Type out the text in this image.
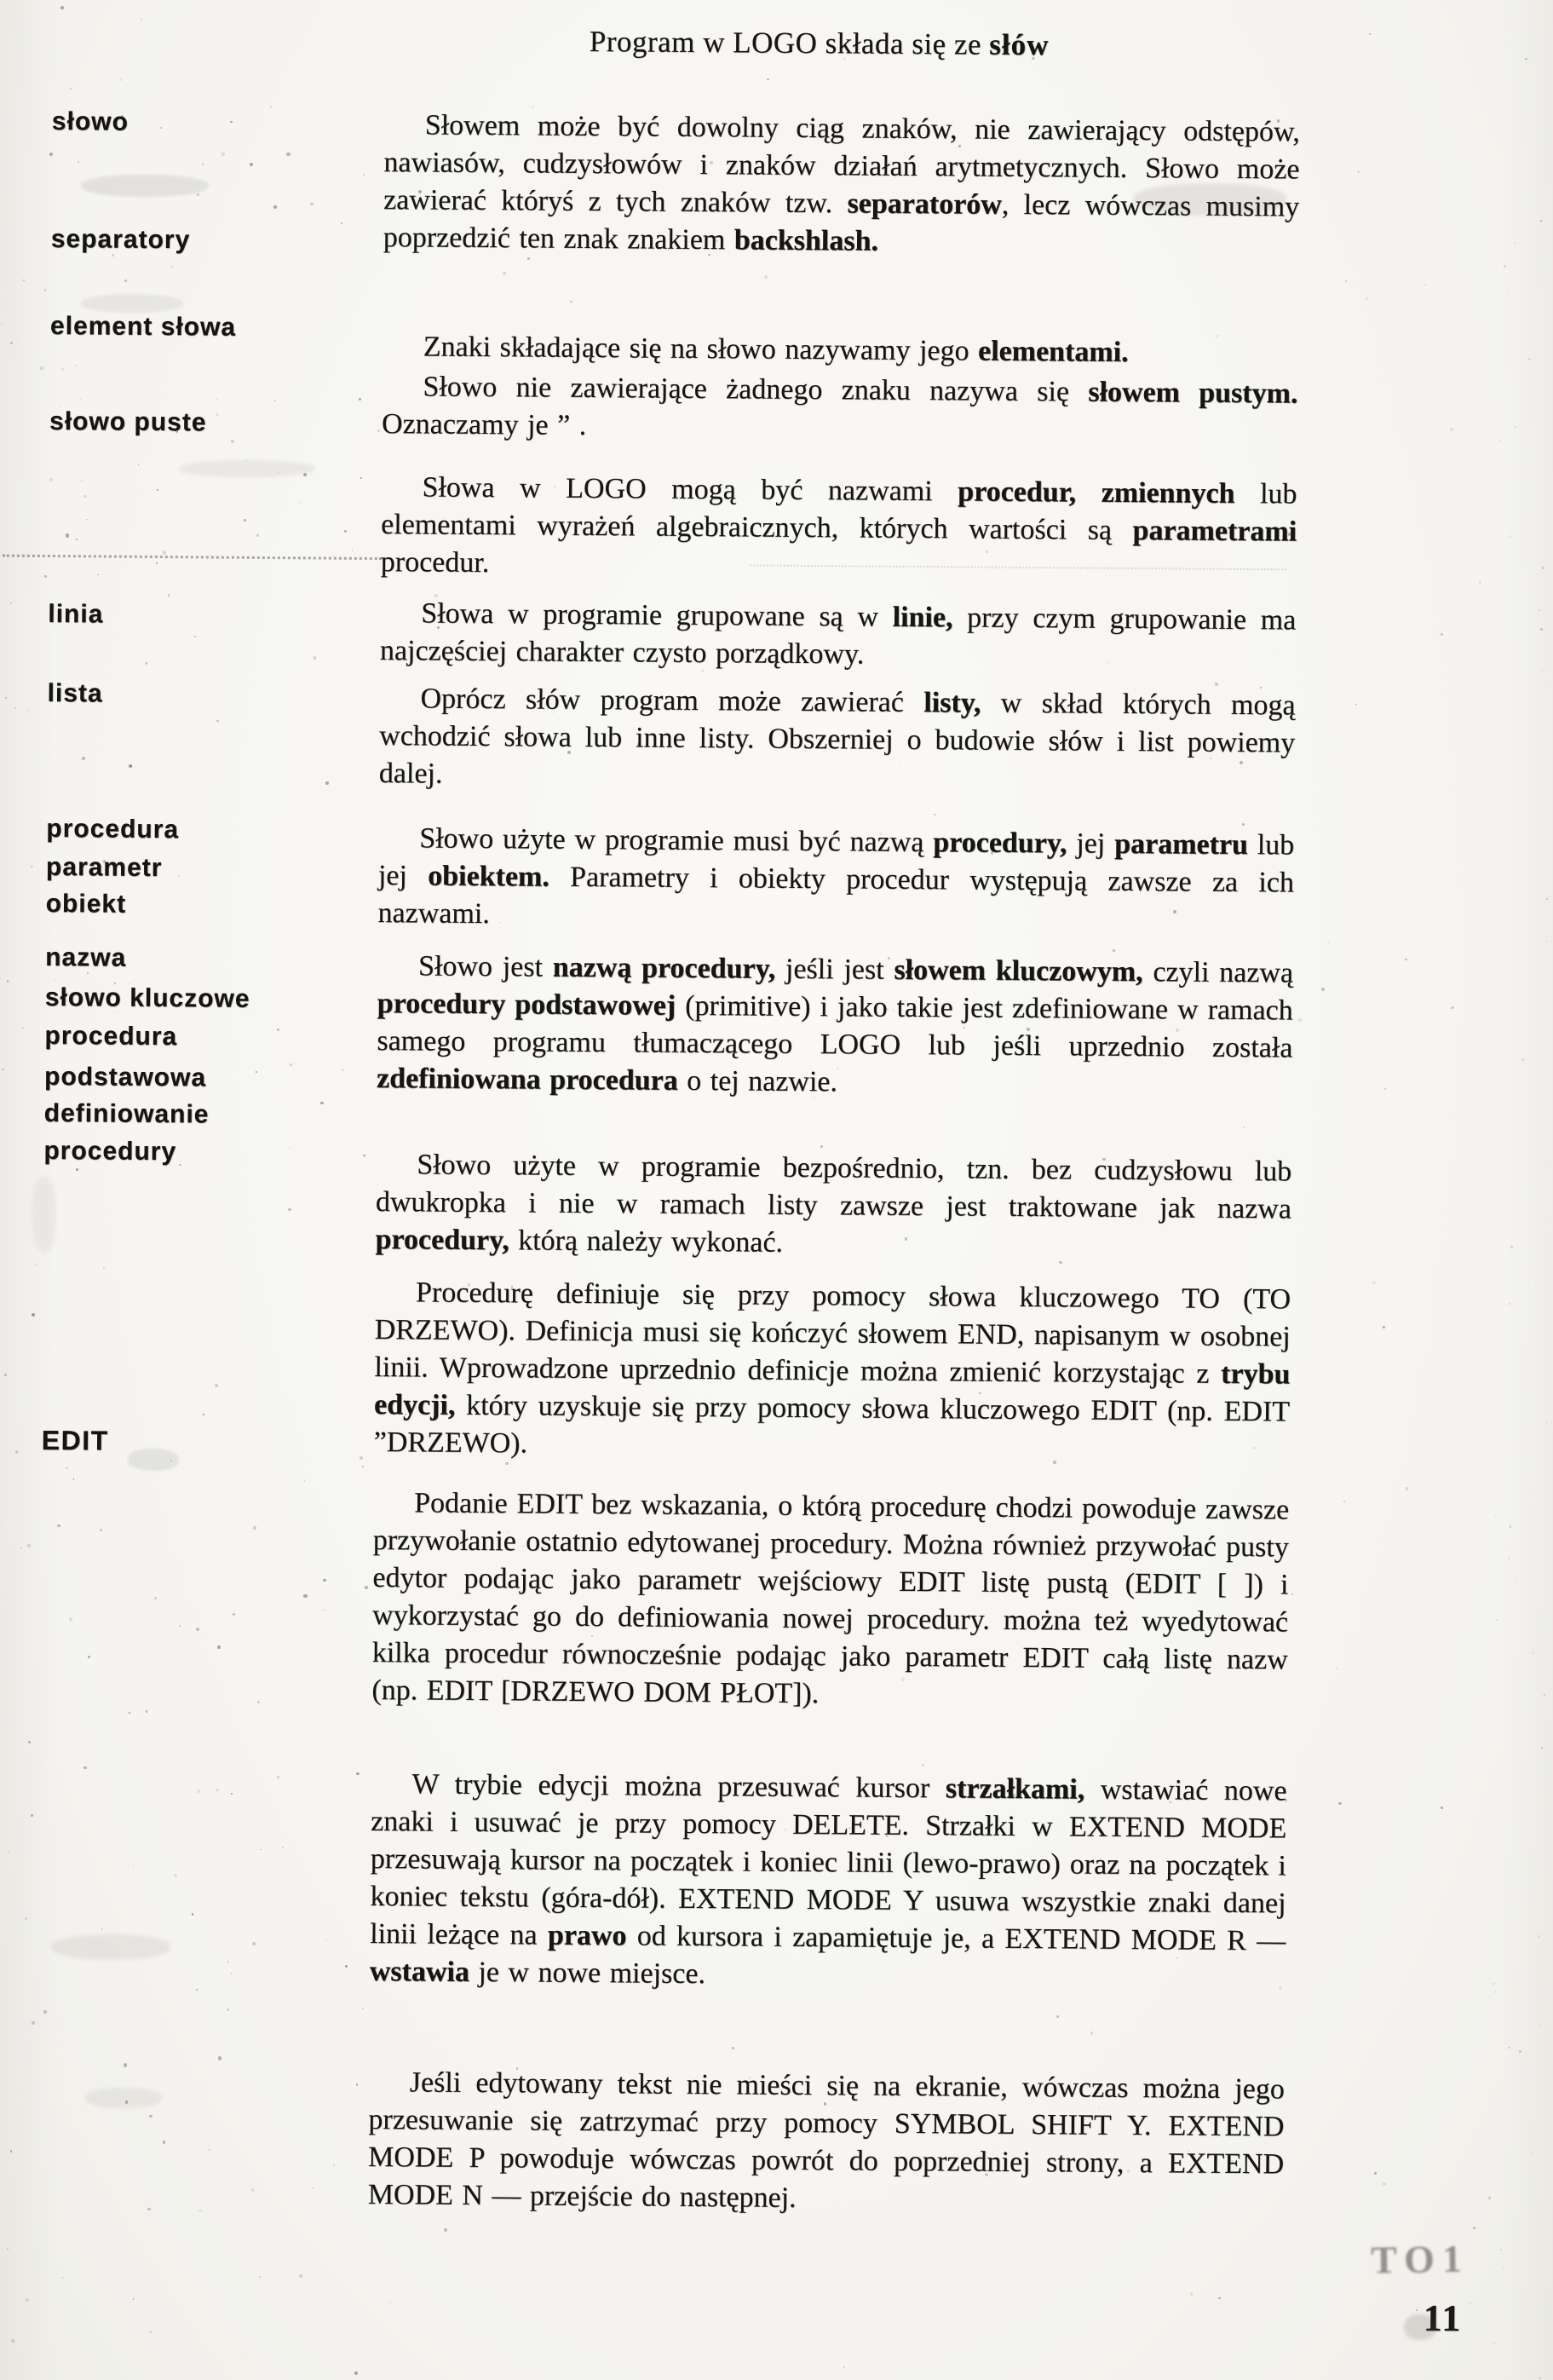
Program w LOGO składa się ze słów
słowo
separatory
element słowa
słowo puste
linia
lista
procedura
parametr
obiekt
nazwa
słowo kluczowe
procedura
podstawowa
definiowanie
procedury
EDIT
Słowem może być dowolny ciąg znaków, nie zawierający odstępów, nawiasów, cudzysłowów i znaków działań arytmetycznych. Słowo może zawierać któryś z tych znaków tzw. separatorów, lecz wówczas musimy poprzedzić ten znak znakiem backshlash.
Znaki składające się na słowo nazywamy jego elementami.
Słowo nie zawierające żadnego znaku nazywa się słowem pustym. Oznaczamy je ” .
Słowa w LOGO mogą być nazwami procedur, zmiennych lub elementami wyrażeń algebraicznych, których wartości są parametrami procedur.
Słowa w programie grupowane są w linie, przy czym grupowanie ma najczęściej charakter czysto porządkowy.
Oprócz słów program może zawierać listy, w skład których mogą wchodzić słowa lub inne listy. Obszerniej o budowie słów i list powiemy dalej.
Słowo użyte w programie musi być nazwą procedury, jej parametru lub jej obiektem. Parametry i obiekty procedur występują zawsze za ich nazwami.
Słowo jest nazwą procedury, jeśli jest słowem kluczowym, czyli nazwą procedury podstawowej (primitive) i jako takie jest zdefiniowane w ramach samego programu tłumaczącego LOGO lub jeśli uprzednio została zdefiniowana procedura o tej nazwie.
Słowo użyte w programie bezpośrednio, tzn. bez cudzysłowu lub dwukropka i nie w ramach listy zawsze jest traktowane jak nazwa procedury, którą należy wykonać.
Procedurę definiuje się przy pomocy słowa kluczowego TO (TO DRZEWO). Definicja musi się kończyć słowem END, napisanym w osobnej linii. Wprowadzone uprzednio definicje można zmienić korzystając z trybu edycji, który uzyskuje się przy pomocy słowa kluczowego EDIT (np. EDIT ”DRZEWO).
Podanie EDIT bez wskazania, o którą procedurę chodzi powoduje zawsze przywołanie ostatnio edytowanej procedury. Można również przywołać pusty edytor podając jako parametr wejściowy EDIT listę pustą (EDIT [ ]) i wykorzystać go do definiowania nowej procedury. można też wyedytować kilka procedur równocześnie podając jako parametr EDIT całą listę nazw (np. EDIT [DRZEWO DOM PŁOT]).
W trybie edycji można przesuwać kursor strzałkami, wstawiać nowe znaki i usuwać je przy pomocy DELETE. Strzałki w EXTEND MODE przesuwają kursor na początek i koniec linii (lewo-prawo) oraz na początek i koniec tekstu (góra-dół). EXTEND MODE Y usuwa wszystkie znaki danej linii leżące na prawo od kursora i zapamiętuje je, a EXTEND MODE R — wstawia je w nowe miejsce.
Jeśli edytowany tekst nie mieści się na ekranie, wówczas można jego przesuwanie się zatrzymać przy pomocy SYMBOL SHIFT Y. EXTEND MODE P powoduje wówczas powrót do poprzedniej strony, a EXTEND MODE N — przejście do następnej.
TO1
11
